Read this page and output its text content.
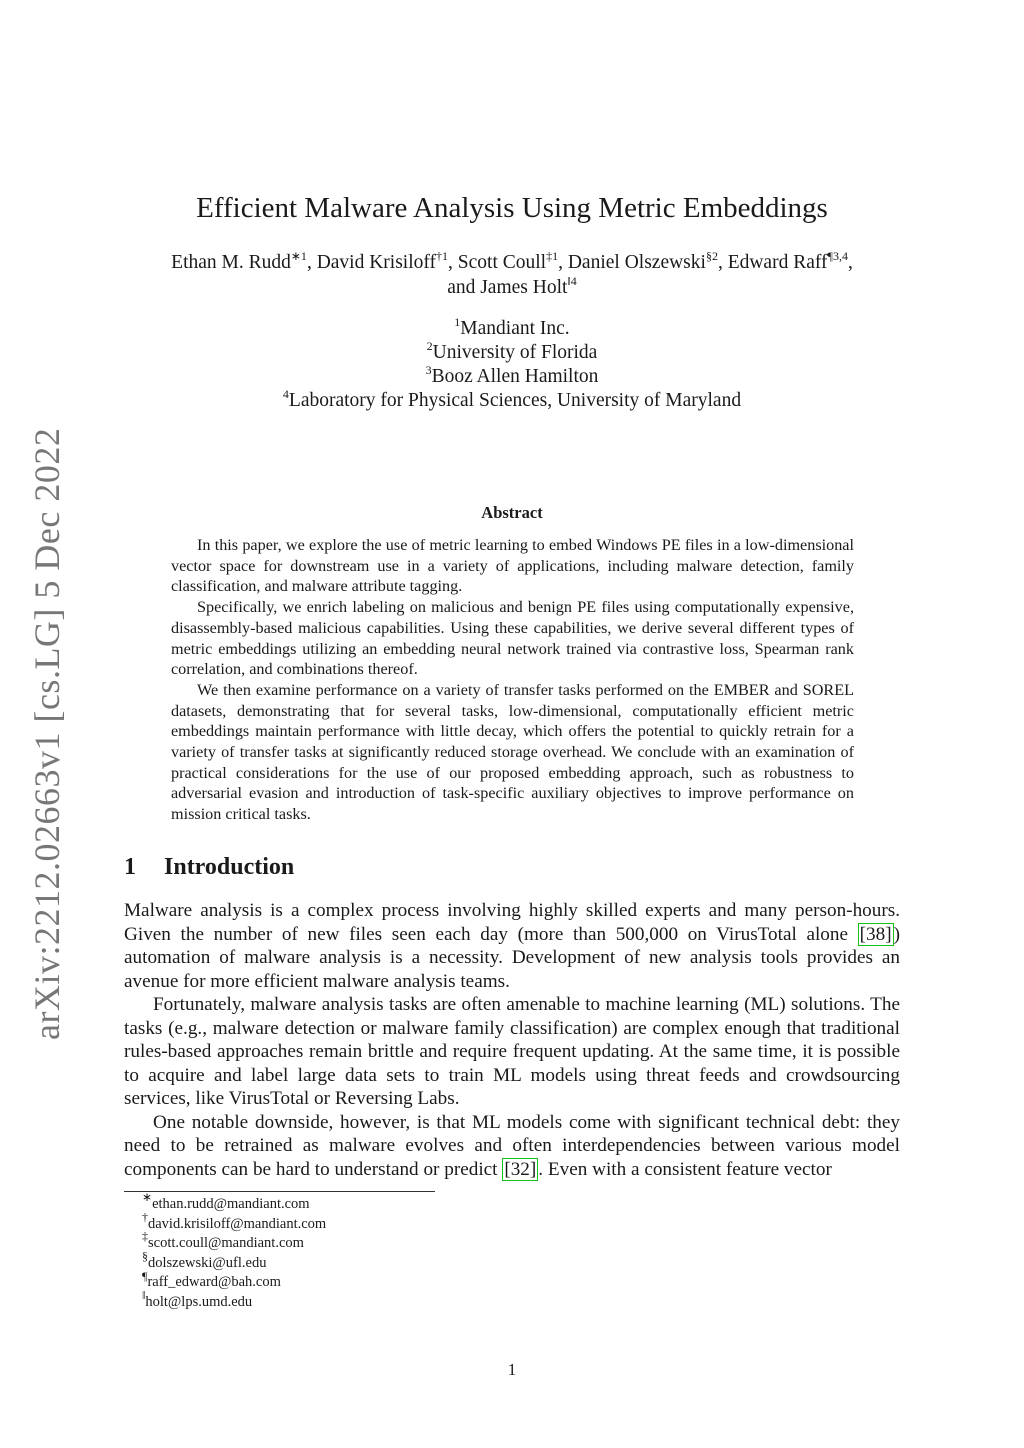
arXiv:2212.02663v1 [cs.LG] 5 Dec 2022
Efficient Malware Analysis Using Metric Embeddings
Ethan M. Rudd$^{∗1}$, David Krisiloff$^{\dagger 1}$, Scott Coull$^{\ddagger 1}$, Daniel Olszewski$^{\S 2}$, Edward Raff$^{\P 3,4}$,
and James Holt$^{‖4}$
$^1$Mandiant Inc.
$^2$University of Florida
$^3$Booz Allen Hamilton
$^4$Laboratory for Physical Sciences, University of Maryland
Abstract

In this paper, we explore the use of metric learning to embed Windows PE files in a low-dimensional vector space for downstream use in a variety of applications, including malware detection, family classification, and malware attribute tagging.

Specifically, we enrich labeling on malicious and benign PE files using computationally expensive, disassembly-based malicious capabilities. Using these capabilities, we derive several different types of metric embeddings utilizing an embedding neural network trained via contrastive loss, Spearman rank correlation, and combinations thereof.

We then examine performance on a variety of transfer tasks performed on the EMBER and SOREL datasets, demonstrating that for several tasks, low-dimensional, computationally efficient metric embeddings maintain performance with little decay, which offers the potential to quickly retrain for a variety of transfer tasks at significantly reduced storage overhead. We conclude with an examination of practical considerations for the use of our proposed embedding approach, such as robustness to adversarial evasion and introduction of task-specific auxiliary objectives to improve performance on mission critical tasks.

1 Introduction

Malware analysis is a complex process involving highly skilled experts and many person-hours. Given the number of new files seen each day (more than 500,000 on VirusTotal alone [38] ) automation of malware analysis is a necessity. Development of new analysis tools provides an avenue for more efficient malware analysis teams.

Fortunately, malware analysis tasks are often amenable to machine learning (ML) solutions. The tasks (e.g., malware detection or malware family classification) are complex enough that traditional rules-based approaches remain brittle and require frequent updating. At the same time, it is possible to acquire and label large data sets to train ML models using threat feeds and crowdsourcing services, like VirusTotal or Reversing Labs.

One notable downside, however, is that ML models come with significant technical debt: they need to be retrained as malware evolves and often interdependencies between various model components can be hard to understand or predict [32] . Even with a consistent feature vector

∗ethan.rudd@mandiant.com
†david.krisiloff@mandiant.com
‡scott.coull@mandiant.com
§dolszewski@ufl.edu
¶raff_edward@bah.com
‖holt@lps.umd.edu
1
